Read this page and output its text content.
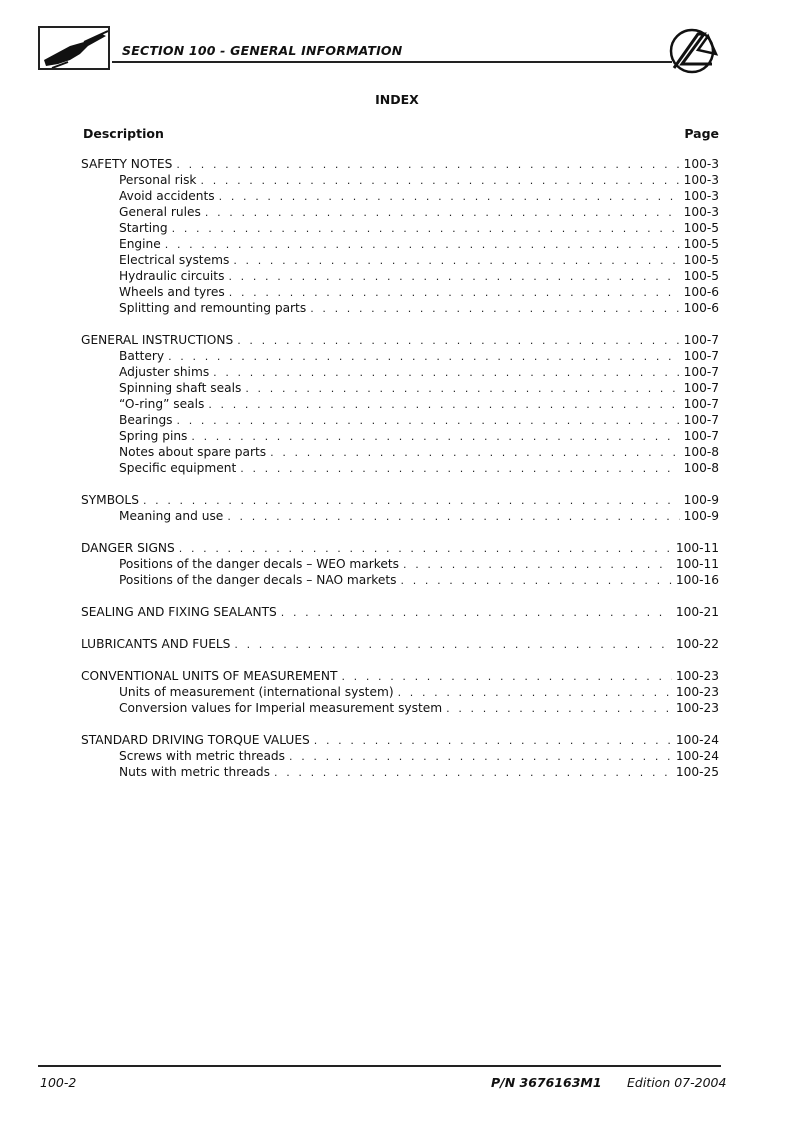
SECTION 100 - GENERAL INFORMATION
INDEX
Description	Page
SAFETY NOTES . . .	100-3
Personal risk . . .	100-3
Avoid accidents . . .	100-3
General rules . . .	100-3
Starting . . .	100-5
Engine . . .	100-5
Electrical systems . . .	100-5
Hydraulic circuits . . .	100-5
Wheels and tyres . . .	100-6
Splitting and remounting parts . . .	100-6
GENERAL INSTRUCTIONS . . .	100-7
Battery . . .	100-7
Adjuster shims . . .	100-7
Spinning shaft seals . . .	100-7
“O-ring” seals . . .	100-7
Bearings . . .	100-7
Spring pins . . .	100-7
Notes about spare parts . . .	100-8
Specific equipment . . .	100-8
SYMBOLS . . .	100-9
Meaning and use . . .	100-9
DANGER SIGNS . . .	100-11
Positions of the danger decals – WEO markets . . .	100-11
Positions of the danger decals – NAO markets . . .	100-16
SEALING AND FIXING SEALANTS . . .	100-21
LUBRICANTS AND FUELS . . .	100-22
CONVENTIONAL UNITS OF MEASUREMENT . . .	100-23
Units of measurement (international system) . . .	100-23
Conversion values for Imperial measurement system . . .	100-23
STANDARD DRIVING TORQUE VALUES . . .	100-24
Screws with metric threads . . .	100-24
Nuts with metric threads . . .	100-25
100-2	P/N 3676163M1 Edition 07-2004
